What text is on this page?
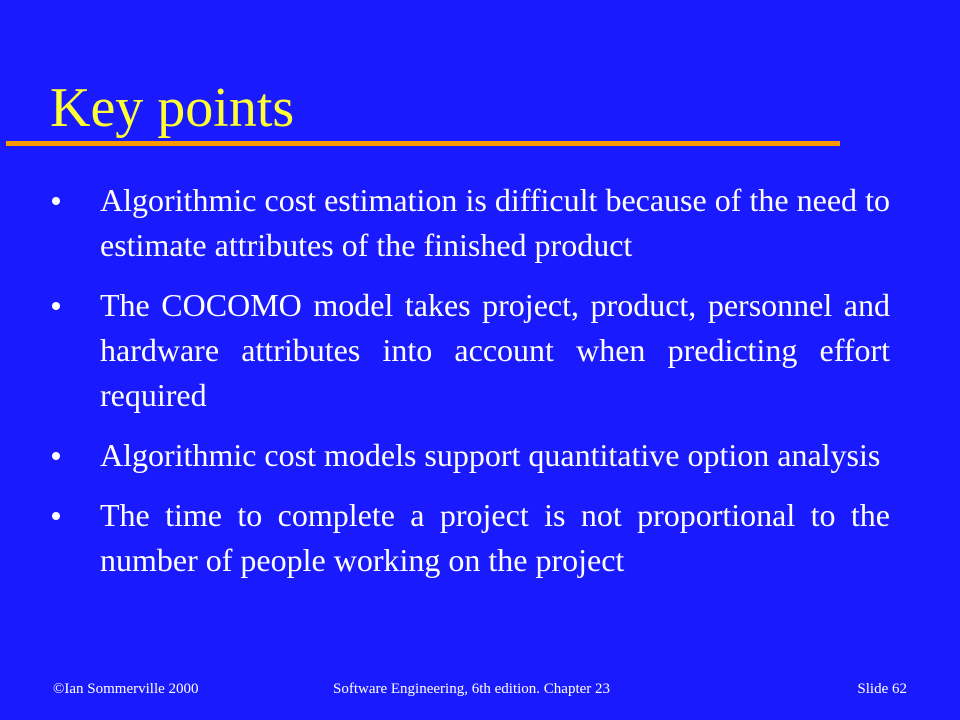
Key points
Algorithmic cost estimation is difficult because of the need to estimate attributes of the finished product
The COCOMO model takes project, product, personnel and hardware attributes into account when predicting effort required
Algorithmic cost models support quantitative option analysis
The time to complete a project is not proportional to the number of people working on the project
©Ian Sommerville 2000	Software Engineering, 6th edition. Chapter 23	Slide 62
